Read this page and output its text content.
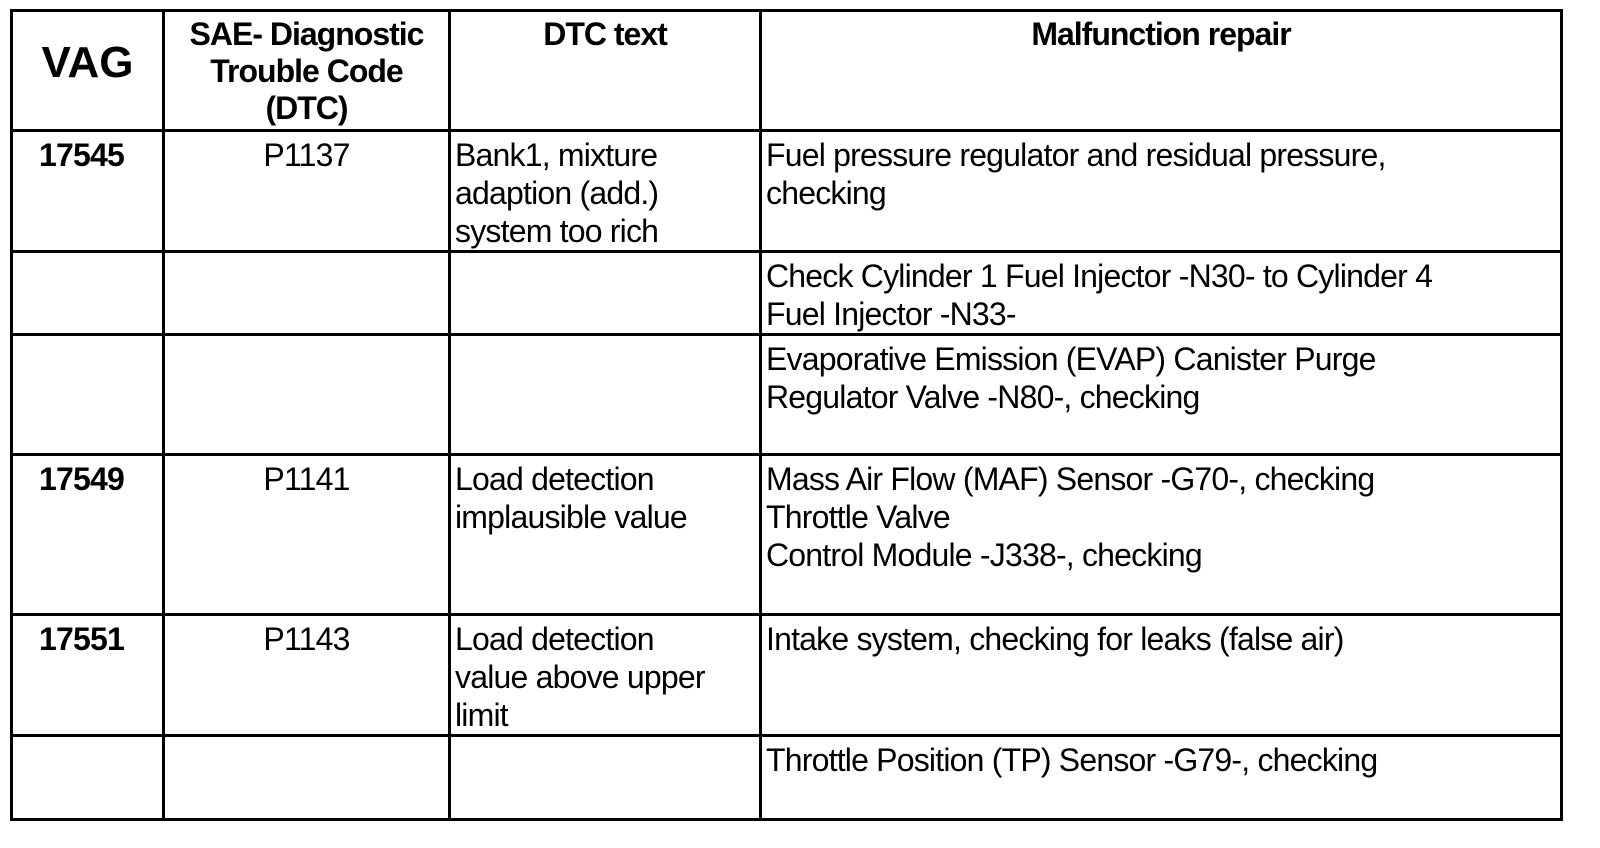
VAG	SAE- Diagnostic
Trouble Code
(DTC)	DTC text	Malfunction repair
17545	P1137	Bank1, mixture
adaption (add.)
system too rich	Fuel pressure regulator and residual pressure,
checking

			Check Cylinder 1 Fuel Injector -N30- to Cylinder 4
Fuel Injector -N33-

			Evaporative Emission (EVAP) Canister Purge
Regulator Valve -N80-, checking

17549	P1141	Load detection
implausible value	Mass Air Flow (MAF) Sensor -G70-, checking
Throttle Valve
Control Module -J338-, checking

17551	P1143	Load detection
value above upper
limit	Intake system, checking for leaks (false air)

			Throttle Position (TP) Sensor -G79-, checking
